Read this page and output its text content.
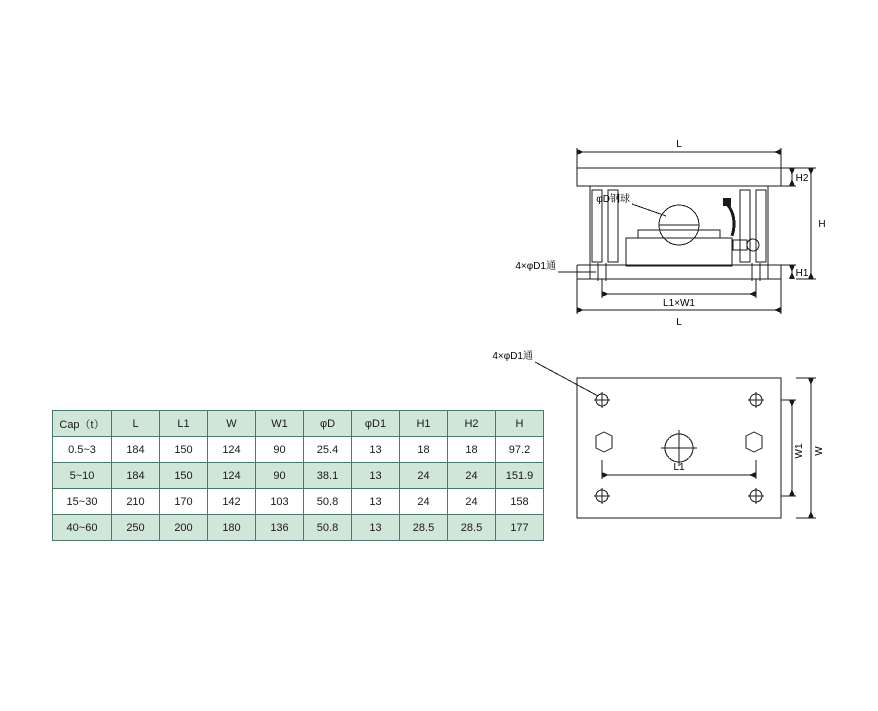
Cap（t）	L	L1	W	W1	φD	φD1	H1	H2	H
0.5~3	184	150	124	90	25.4	13	18	18	97.2
5~10	184	150	124	90	38.1	13	24	24	151.9
15~30	210	170	142	103	50.8	13	24	24	158
40~60	250	200	180	136	50.8	13	28.5	28.5	177
L
L1×W1
L
H2
H
H1
φD钢球
4×φD1通
4×φD1通
L1
W1 W
